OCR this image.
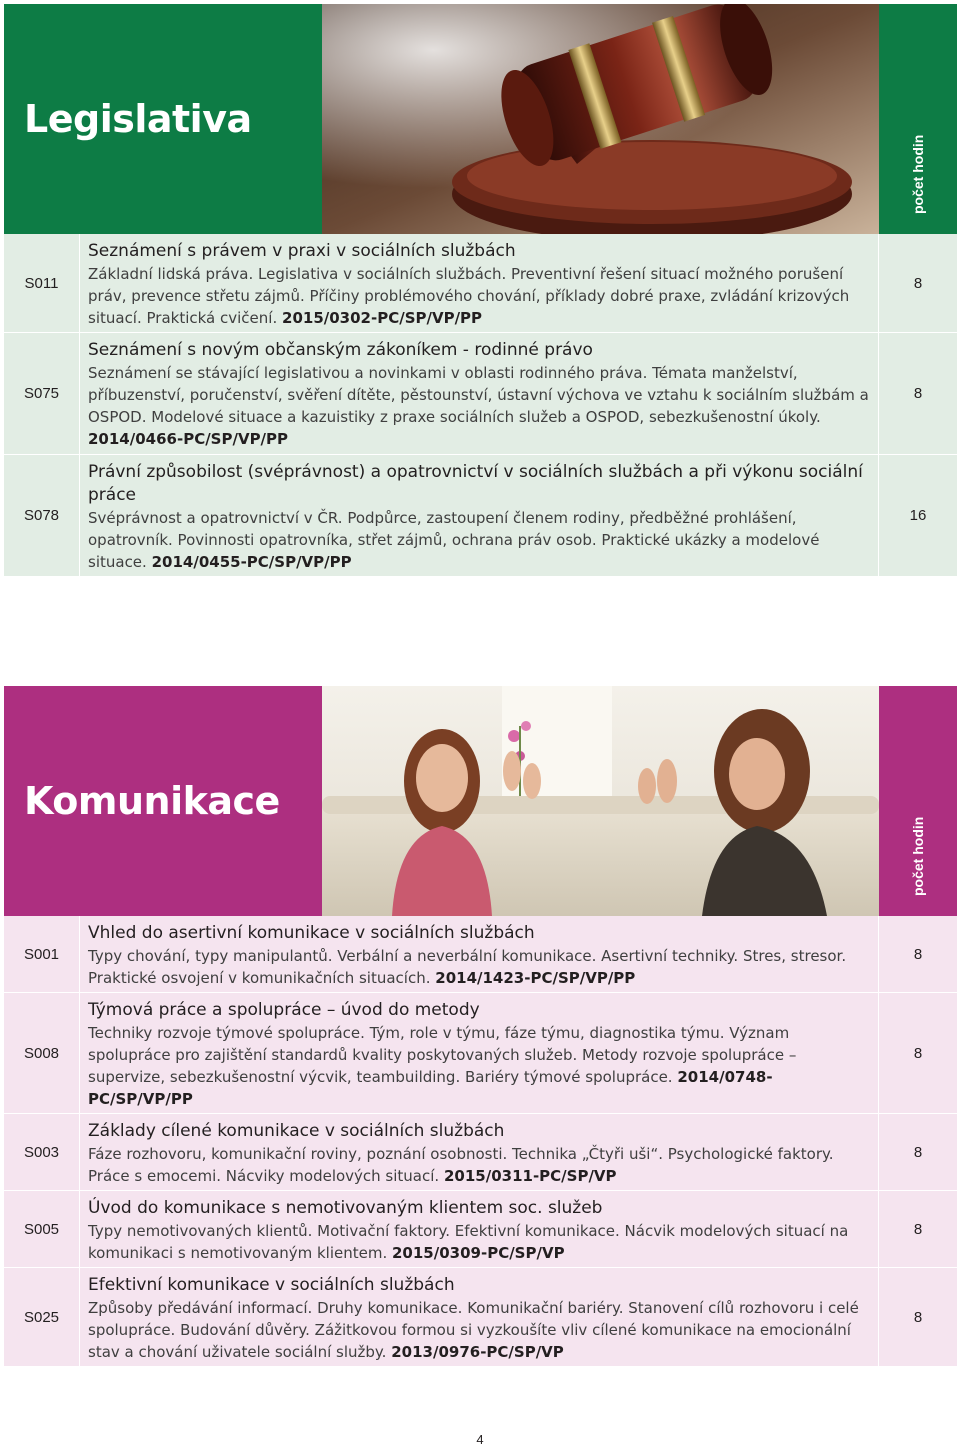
Legislativa
počet hodin
S011
Seznámení s právem v praxi v sociálních službách
Základní lidská práva. Legislativa v sociálních službách. Preventivní řešení situací možného porušení práv, prevence střetu zájmů. Příčiny problémového chování, příklady dobré praxe, zvládání krizových situací. Praktická cvičení. 2015/0302-PC/SP/VP/PP
8
S075
Seznámení s novým občanským zákoníkem - rodinné právo
Seznámení se stávající legislativou a novinkami v oblasti rodinného práva. Témata manželství, příbuzenství, poručenství, svěření dítěte, pěstounství, ústavní výchova ve vztahu k sociálním službám a OSPOD. Modelové situace a kazuistiky z praxe sociálních služeb a OSPOD, sebezkušenostní úkoly. 2014/0466-PC/SP/VP/PP
8
S078
Právní způsobilost (svéprávnost) a opatrovnictví v sociálních službách a při výkonu sociální práce
Svéprávnost a opatrovnictví v ČR. Podpůrce, zastoupení členem rodiny, předběžné prohlášení, opatrovník. Povinnosti opatrovníka, střet zájmů, ochrana práv osob. Praktické ukázky a modelové situace. 2014/0455-PC/SP/VP/PP
16
Komunikace
počet hodin
S001
Vhled do asertivní komunikace v sociálních službách
Typy chování, typy manipulantů. Verbální a neverbální komunikace. Asertivní techniky. Stres, stresor. Praktické osvojení v komunikačních situacích. 2014/1423-PC/SP/VP/PP
8
S008
Týmová práce a spolupráce – úvod do metody
Techniky rozvoje týmové spolupráce. Tým, role v týmu, fáze týmu, diagnostika týmu. Význam spolupráce pro zajištění standardů kvality poskytovaných služeb. Metody rozvoje spolupráce – supervize, sebezkušenostní výcvik, teambuilding. Bariéry týmové spolupráce. 2014/0748-PC/SP/VP/PP
8
S003
Základy cílené komunikace v sociálních službách
Fáze rozhovoru, komunikační roviny, poznání osobnosti. Technika „Čtyři uši“. Psychologické faktory. Práce s emocemi. Nácviky modelových situací. 2015/0311-PC/SP/VP
8
S005
Úvod do komunikace s nemotivovaným klientem soc. služeb
Typy nemotivovaných klientů. Motivační faktory. Efektivní komunikace. Nácvik modelových situací na komunikaci s nemotivovaným klientem. 2015/0309-PC/SP/VP
8
S025
Efektivní komunikace v sociálních službách
Způsoby předávání informací. Druhy komunikace. Komunikační bariéry. Stanovení cílů rozhovoru i celé spolupráce. Budování důvěry. Zážitkovou formou si vyzkoušíte vliv cílené komunikace na emocionální stav a chování uživatele sociální služby. 2013/0976-PC/SP/VP
8
4
